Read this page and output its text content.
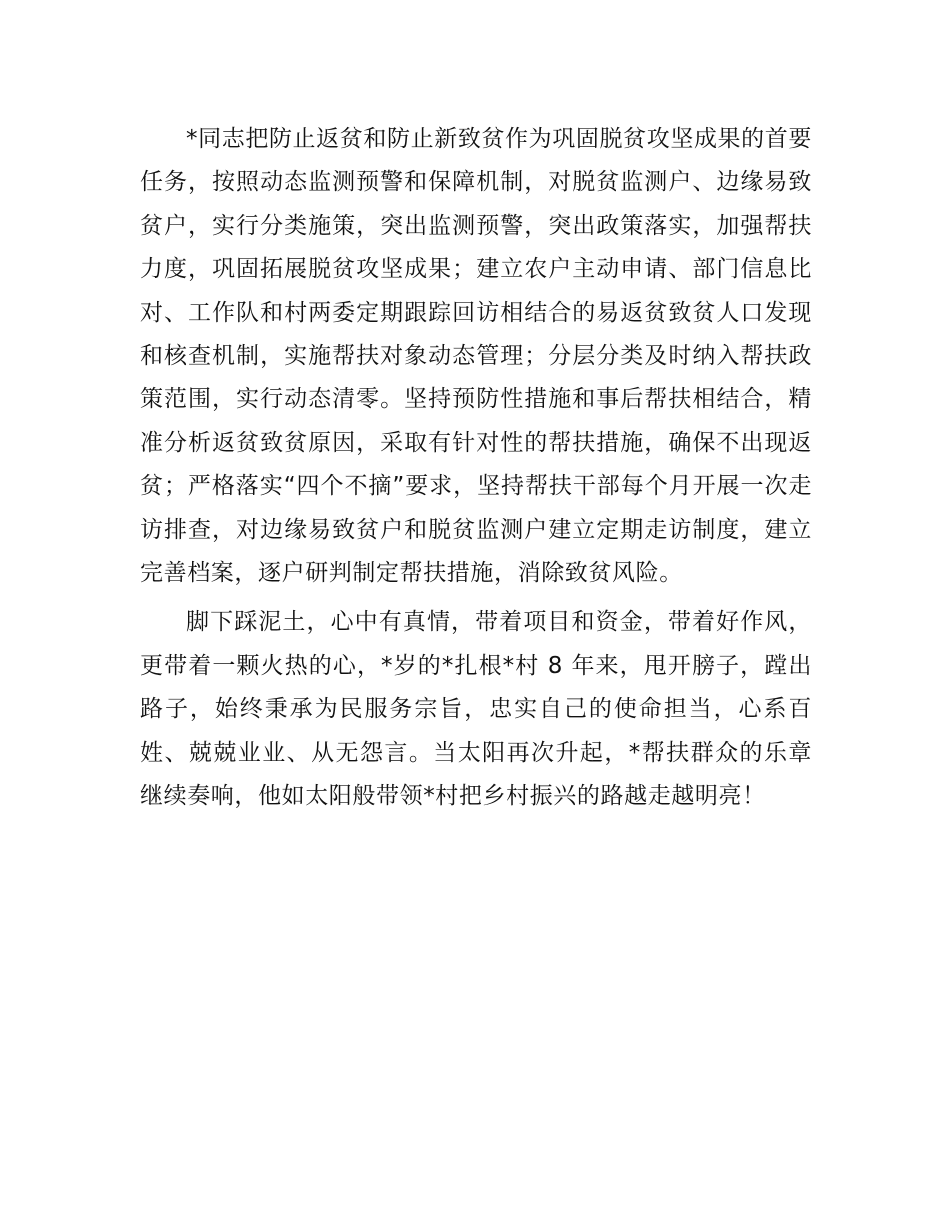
*同志把防止返贫和防止新致贫作为巩固脱贫攻坚成果的首要任务，按照动态监测预警和保障机制，对脱贫监测户、边缘易致贫户，实行分类施策，突出监测预警，突出政策落实，加强帮扶力度，巩固拓展脱贫攻坚成果；建立农户主动申请、部门信息比对、工作队和村两委定期跟踪回访相结合的易返贫致贫人口发现和核查机制，实施帮扶对象动态管理；分层分类及时纳入帮扶政策范围，实行动态清零。坚持预防性措施和事后帮扶相结合，精准分析返贫致贫原因，采取有针对性的帮扶措施，确保不出现返贫；严格落实“四个不摘”要求，坚持帮扶干部每个月开展一次走访排查，对边缘易致贫户和脱贫监测户建立定期走访制度，建立完善档案，逐户研判制定帮扶措施，消除致贫风险。

脚下踩泥土，心中有真情，带着项目和资金，带着好作风，更带着一颗火热的心，*岁的*扎根*村 8 年来，甩开膀子，蹚出路子，始终秉承为民服务宗旨，忠实自己的使命担当，心系百姓、兢兢业业、从无怨言。当太阳再次升起，*帮扶群众的乐章继续奏响，他如太阳般带领*村把乡村振兴的路越走越明亮！
